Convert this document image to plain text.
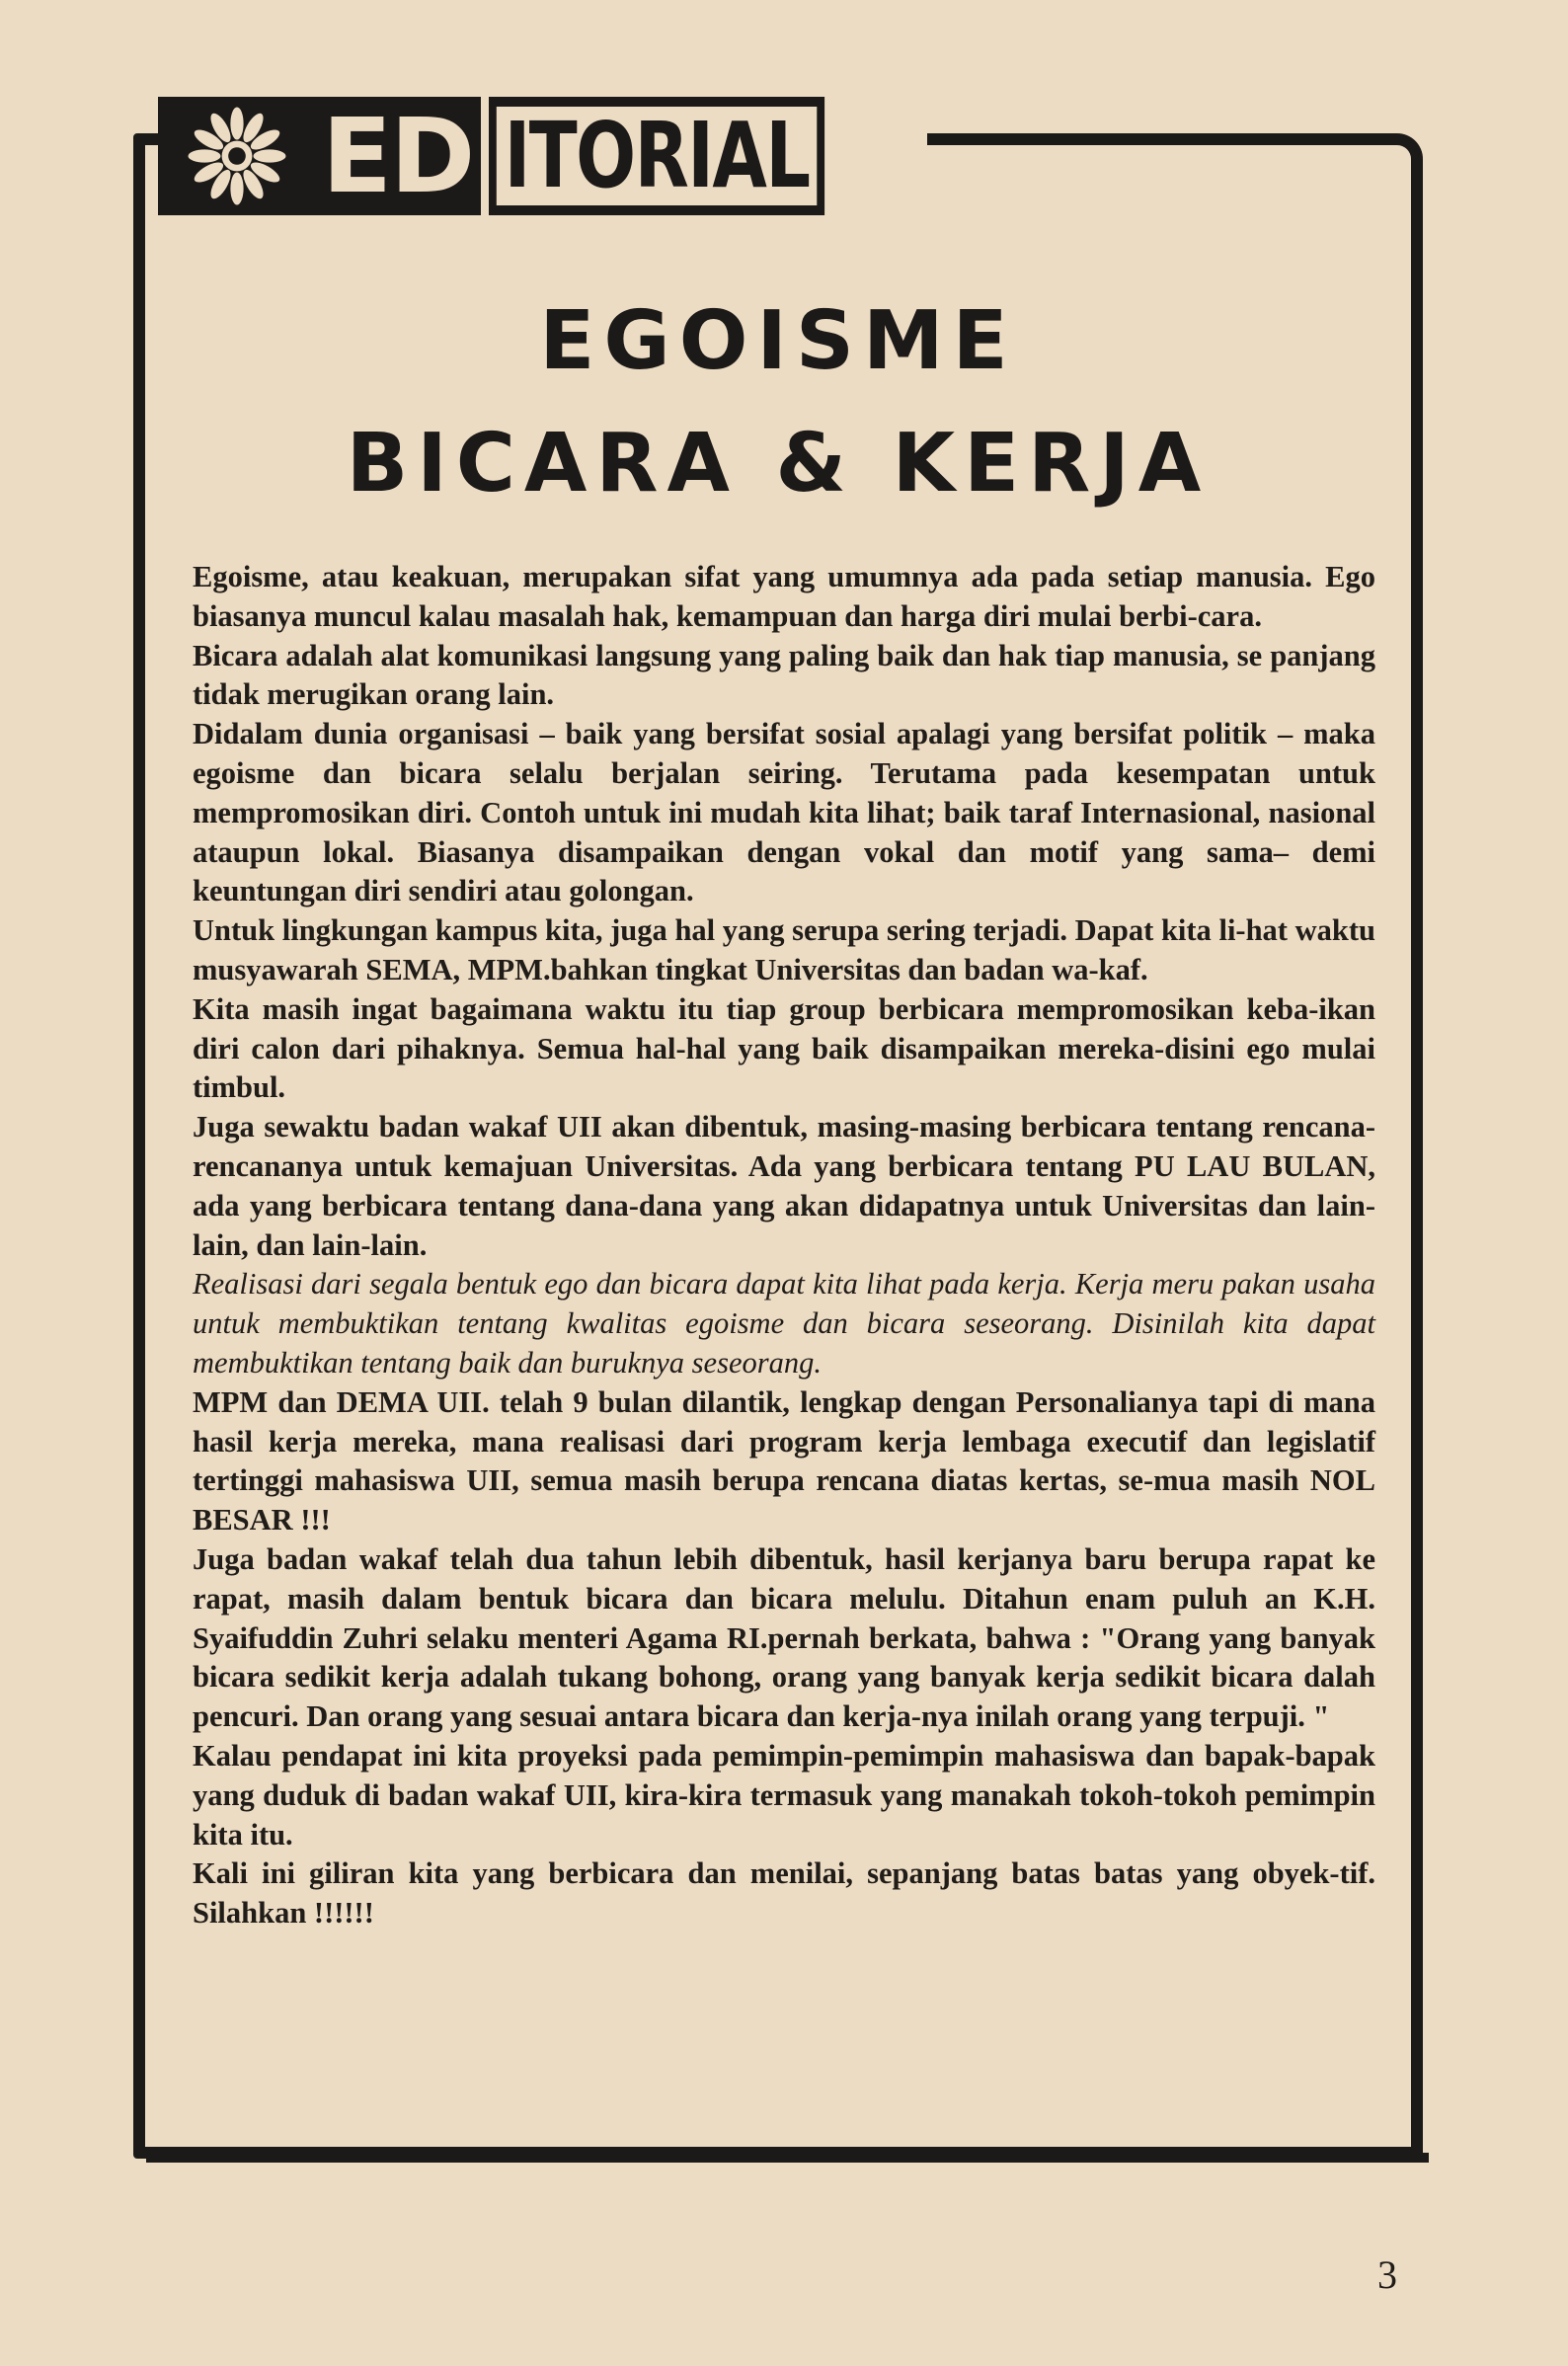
ED ITORIAL
EGOISME
BICARA & KERJA

Egoisme, atau keakuan, merupakan sifat yang umumnya ada pada setiap manusia. Ego biasanya muncul kalau masalah hak, kemampuan dan harga diri mulai berbi-cara.

Bicara adalah alat komunikasi langsung yang paling baik dan hak tiap manusia, se panjang tidak merugikan orang lain.

Didalam dunia organisasi – baik yang bersifat sosial apalagi yang bersifat politik – maka egoisme dan bicara selalu berjalan seiring. Terutama pada kesempatan untuk mempromosikan diri. Contoh untuk ini mudah kita lihat; baik taraf Internasional, nasional ataupun lokal. Biasanya disampaikan dengan vokal dan motif yang sama– demi keuntungan diri sendiri atau golongan.

Untuk lingkungan kampus kita, juga hal yang serupa sering terjadi. Dapat kita li-hat waktu musyawarah SEMA, MPM.bahkan tingkat Universitas dan badan wa-kaf.

Kita masih ingat bagaimana waktu itu tiap group berbicara mempromosikan keba-ikan diri calon dari pihaknya. Semua hal-hal yang baik disampaikan mereka-disini ego mulai timbul.

Juga sewaktu badan wakaf UII akan dibentuk, masing-masing berbicara tentang rencana-rencananya untuk kemajuan Universitas. Ada yang berbicara tentang PU LAU BULAN, ada yang berbicara tentang dana-dana yang akan didapatnya untuk Universitas dan lain-lain, dan lain-lain.

Realisasi dari segala bentuk ego dan bicara dapat kita lihat pada kerja. Kerja meru pakan usaha untuk membuktikan tentang kwalitas egoisme dan bicara seseorang. Disinilah kita dapat membuktikan tentang baik dan buruknya seseorang.

MPM dan DEMA UII. telah 9 bulan dilantik, lengkap dengan Personalianya tapi di mana hasil kerja mereka, mana realisasi dari program kerja lembaga executif dan legislatif tertinggi mahasiswa UII, semua masih berupa rencana diatas kertas, se-mua masih NOL BESAR !!!

Juga badan wakaf telah dua tahun lebih dibentuk, hasil kerjanya baru berupa rapat ke rapat, masih dalam bentuk bicara dan bicara melulu. Ditahun enam puluh an K.H. Syaifuddin Zuhri selaku menteri Agama RI.pernah berkata, bahwa : "Orang yang banyak bicara sedikit kerja adalah tukang bohong, orang yang banyak kerja sedikit bicara dalah pencuri. Dan orang yang sesuai antara bicara dan kerja-nya inilah orang yang terpuji. "

Kalau pendapat ini kita proyeksi pada pemimpin-pemimpin mahasiswa dan bapak-bapak yang duduk di badan wakaf UII, kira-kira termasuk yang manakah tokoh-tokoh pemimpin kita itu.

Kali ini giliran kita yang berbicara dan menilai, sepanjang batas batas yang obyek-tif. Silahkan !!!!!!

3
